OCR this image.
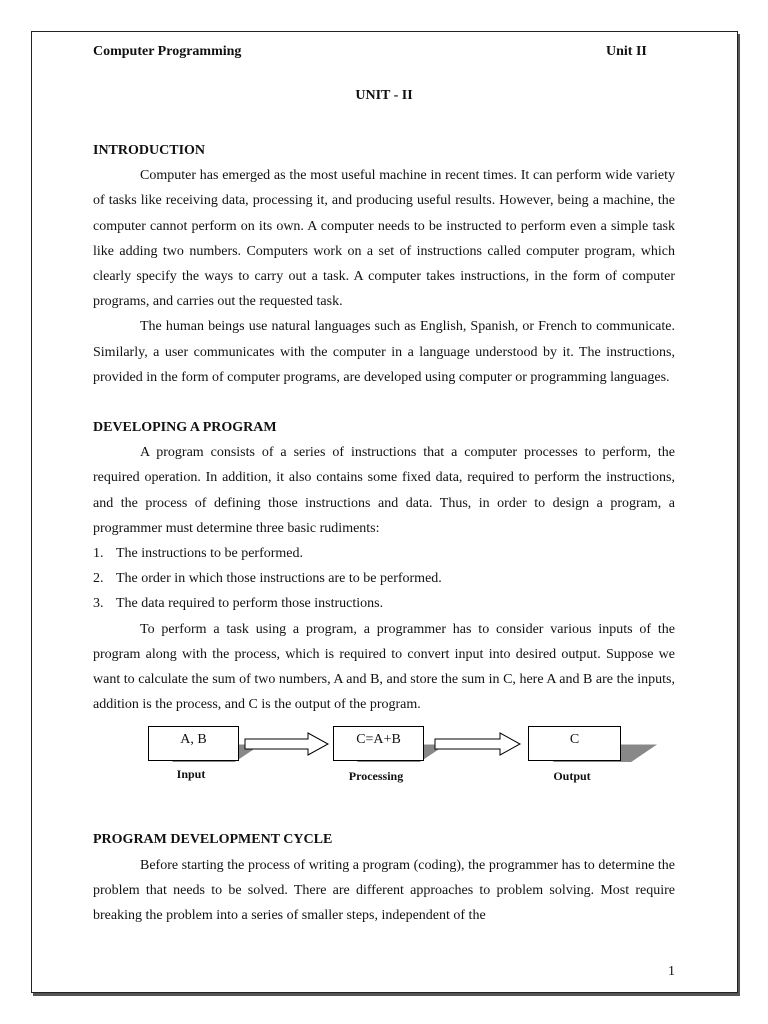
Computer Programming	Unit II
UNIT - II
INTRODUCTION

Computer has emerged as the most useful machine in recent times. It can perform wide variety of tasks like receiving data, processing it, and producing useful results. However, being a machine, the computer cannot perform on its own. A computer needs to be instructed to perform even a simple task like adding two numbers. Computers work on a set of instructions called computer program, which clearly specify the ways to carry out a task. A computer takes instructions, in the form of computer programs, and carries out the requested task.

The human beings use natural languages such as English, Spanish, or French to communicate. Similarly, a user communicates with the computer in a language understood by it. The instructions, provided in the form of computer programs, are developed using computer or programming languages.

DEVELOPING A PROGRAM

A program consists of a series of instructions that a computer processes to perform, the required operation. In addition, it also contains some fixed data, required to perform the instructions, and the process of defining those instructions and data. Thus, in order to design a program, a programmer must determine three basic rudiments:

1. The instructions to be performed.
2. The order in which those instructions are to be performed.
3. The data required to perform those instructions.

To perform a task using a program, a programmer has to consider various inputs of the program along with the process, which is required to convert input into desired output. Suppose we want to calculate the sum of two numbers, A and B, and store the sum in C, here A and B are the inputs, addition is the process, and C is the output of the program.

A, B
Input
C=A+B
Processing
C
Output
PROGRAM DEVELOPMENT CYCLE

Before starting the process of writing a program (coding), the programmer has to determine the problem that needs to be solved. There are different approaches to problem solving. Most require breaking the problem into a series of smaller steps, independent of the

1
